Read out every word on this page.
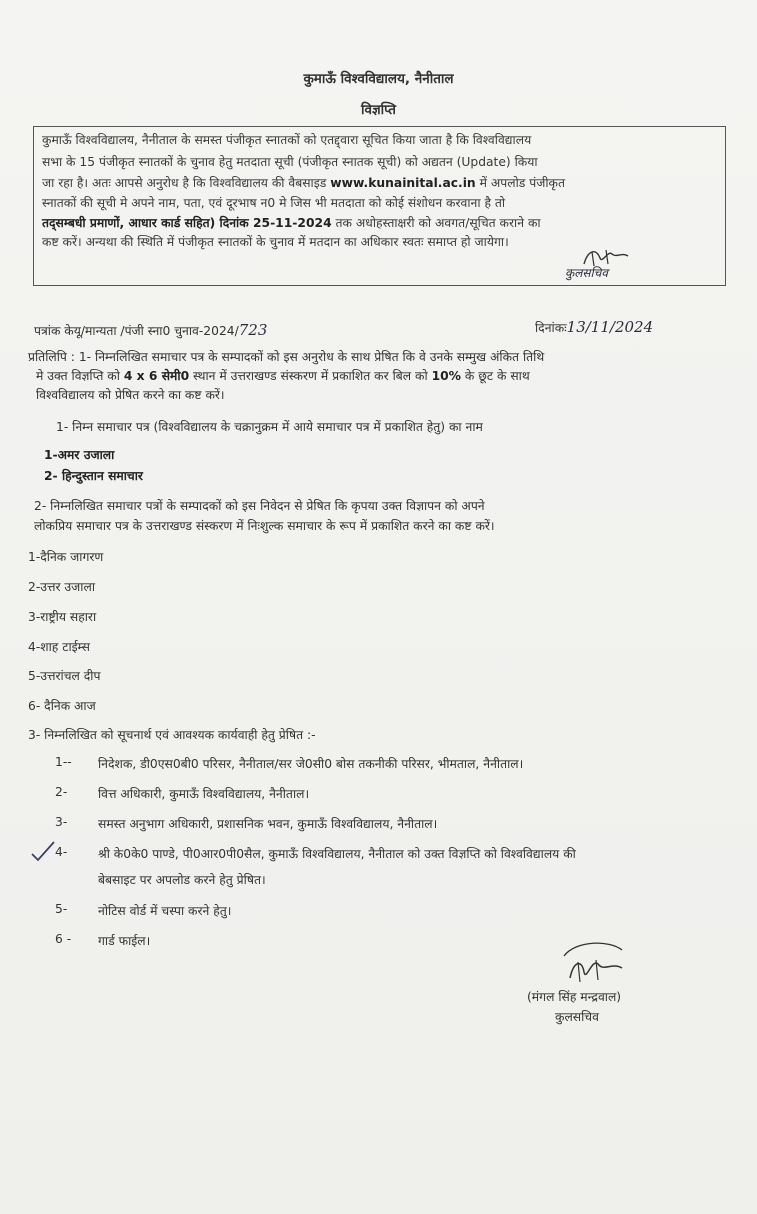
कुमाऊँ विश्वविद्यालय, नैनीताल
विज्ञप्ति
कुमाऊँ विश्वविद्यालय, नैनीताल के समस्त पंजीकृत स्नातकों को एतद्द्वारा सूचित किया जाता है कि विश्वविद्यालय
सभा के 15 पंजीकृत स्नातकों के चुनाव हेतु मतदाता सूची (पंजीकृत स्नातक सूची) को अद्यतन (Update) किया
जा रहा है। अतः आपसे अनुरोध है कि विश्वविद्यालय की वैबसाइड www.kunainital.ac.in में अपलोड पंजीकृत
स्नातकों की सूची मे अपने नाम, पता, एवं दूरभाष न0 मे जिस भी मतदाता को कोई संशोधन करवाना है तो
तद्सम्बधी प्रमाणों, आधार कार्ड सहित) दिनांक 25-11-2024 तक अधोहस्ताक्षरी को अवगत/सूचित कराने का
कष्ट करें। अन्यथा की स्थिति में पंजीकृत स्नातकों के चुनाव में मतदान का अधिकार स्वतः समाप्त हो जायेगा।
कुलसचिव
पत्रांक केयू/मान्यता /पंजी स्ना0 चुनाव-2024/723	दिनांकः13/11/2024
प्रतिलिपि : 1- निम्नलिखित समाचार पत्र के सम्पादकों को इस अनुरोध के साथ प्रेषित कि वे उनके सम्मुख अंकित तिथि
मे उक्त विज्ञप्ति को 4 x 6 सेमी0 स्थान में उत्तराखण्ड संस्करण में प्रकाशित कर बिल को 10% के छूट के साथ
विश्वविद्यालय को प्रेषित करने का कष्ट करें।
1- निम्न समाचार पत्र (विश्वविद्यालय के चक्रानुक्रम में आये समाचार पत्र में प्रकाशित हेतु) का नाम
1-अमर उजाला
2- हिन्दुस्तान समाचार
2- निम्नलिखित समाचार पत्रों के सम्पादकों को इस निवेदन से प्रेषित कि कृपया उक्त विज्ञापन को अपने
लोकप्रिय समाचार पत्र के उत्तराखण्ड संस्करण में निःशुल्क समाचार के रूप में प्रकाशित करने का कष्ट करें।
1-दैनिक जागरण
2-उत्तर उजाला
3-राष्ट्रीय सहारा
4-शाह टाईम्स
5-उत्तरांचल दीप
6- दैनिक आज
3- निम्नलिखित को सूचनार्थ एवं आवश्यक कार्यवाही हेतु प्रेषित :-
1-- निदेशक, डी0एस0बी0 परिसर, नैनीताल/सर जे0सी0 बोस तकनीकी परिसर, भीमताल, नैनीताल।
2- वित्त अधिकारी, कुमाऊँ विश्वविद्यालय, नैनीताल।
3- समस्त अनुभाग अधिकारी, प्रशासनिक भवन, कुमाऊँ विश्वविद्यालय, नैनीताल।
4- श्री के0के0 पाण्डे, पी0आर0पी0सैल, कुमाऊँ विश्वविद्यालय, नैनीताल को उक्त विज्ञप्ति को विश्वविद्यालय की
बेबसाइट पर अपलोड करने हेतु प्रेषित।
5- नोटिस वोर्ड में चस्पा करने हेतु।
6 - गार्ड फाईल।
(मंगल सिंह मन्द्रवाल)
कुलसचिव
